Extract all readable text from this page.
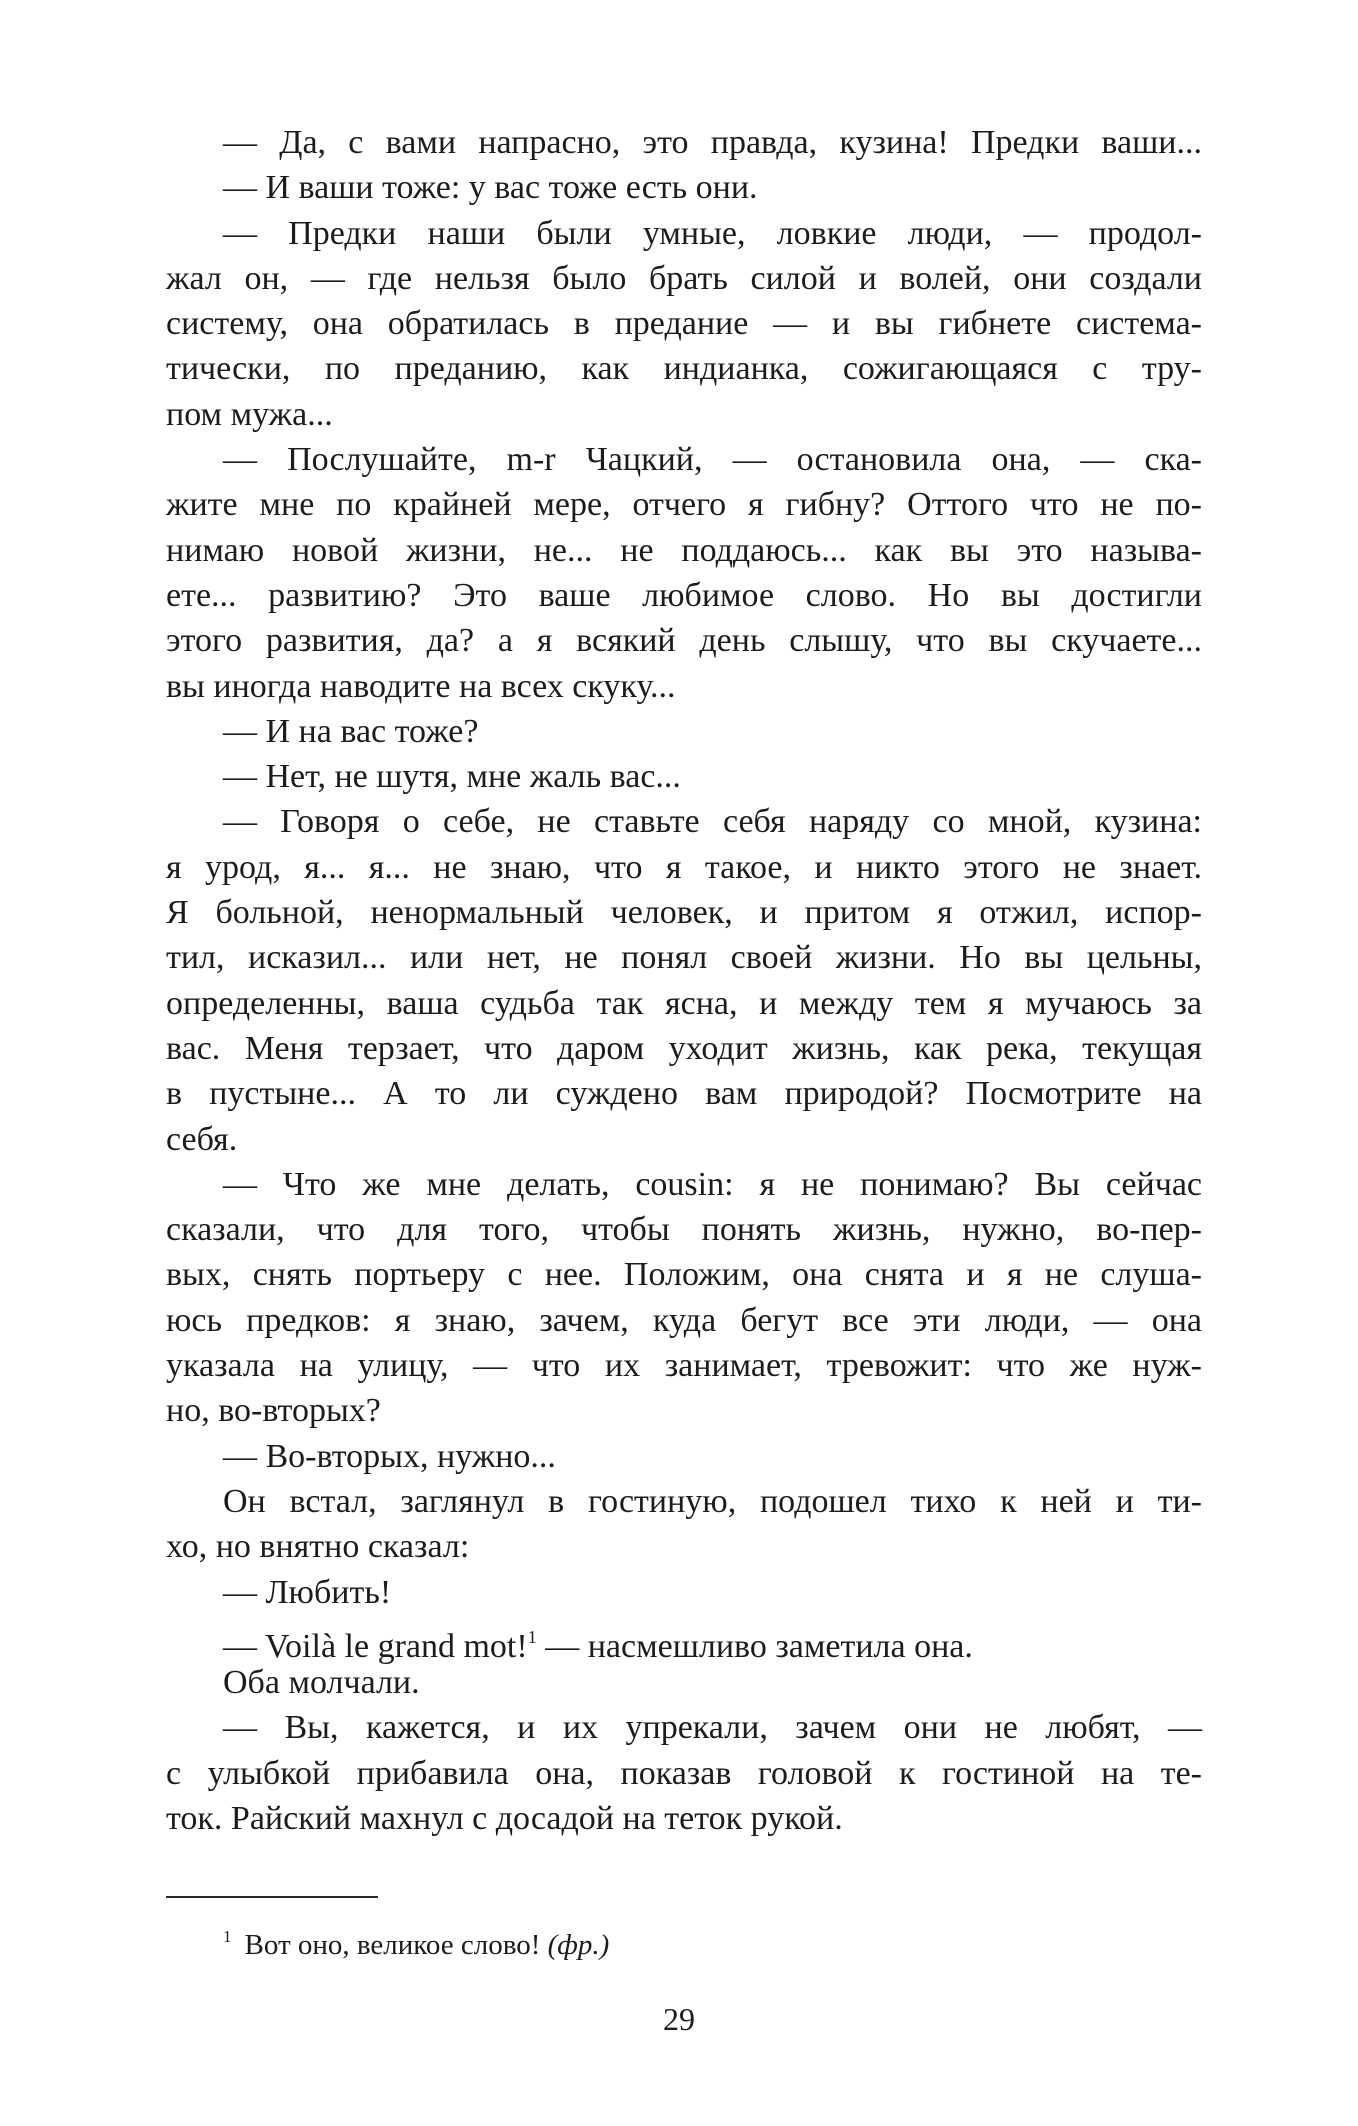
— Да, с вами напрасно, это правда, кузина! Предки ваши...
— И ваши тоже: у вас тоже есть они.
— Предки наши были умные, ловкие люди, — продол-
жал он, — где нельзя было брать силой и волей, они создали
систему, она обратилась в предание — и вы гибнете система-
тически, по преданию, как индианка, сожигающаяся с тру-
пом мужа...
— Послушайте, m-r Чацкий, — остановила она, — ска-
жите мне по крайней мере, отчего я гибну? Оттого что не по-
нимаю новой жизни, не... не поддаюсь... как вы это называ-
ете... развитию? Это ваше любимое слово. Но вы достигли
этого развития, да? а я всякий день слышу, что вы скучаете...
вы иногда наводите на всех скуку...
— И на вас тоже?
— Нет, не шутя, мне жаль вас...
— Говоря о себе, не ставьте себя наряду со мной, кузина:
я урод, я... я... не знаю, что я такое, и никто этого не знает.
Я больной, ненормальный человек, и притом я отжил, испор-
тил, исказил... или нет, не понял своей жизни. Но вы цельны,
определенны, ваша судьба так ясна, и между тем я мучаюсь за
вас. Меня терзает, что даром уходит жизнь, как река, текущая
в пустыне... А то ли суждено вам природой? Посмотрите на
себя.
— Что же мне делать, cousin: я не понимаю? Вы сейчас
сказали, что для того, чтобы понять жизнь, нужно, во-пер-
вых, снять портьеру с нее. Положим, она снята и я не слуша-
юсь предков: я знаю, зачем, куда бегут все эти люди, — она
указала на улицу, — что их занимает, тревожит: что же нуж-
но, во-вторых?
— Во-вторых, нужно...
Он встал, заглянул в гостиную, подошел тихо к ней и ти-
хо, но внятно сказал:
— Любить!
— Voilà le grand mot!$^1$ — насмешливо заметила она.
Оба молчали.
— Вы, кажется, и их упрекали, зачем они не любят, —
с улыбкой прибавила она, показав головой к гостиной на те-
ток. Райский махнул с досадой на теток рукой.
$^1$ Вот оно, великое слово! (фр.)
29
